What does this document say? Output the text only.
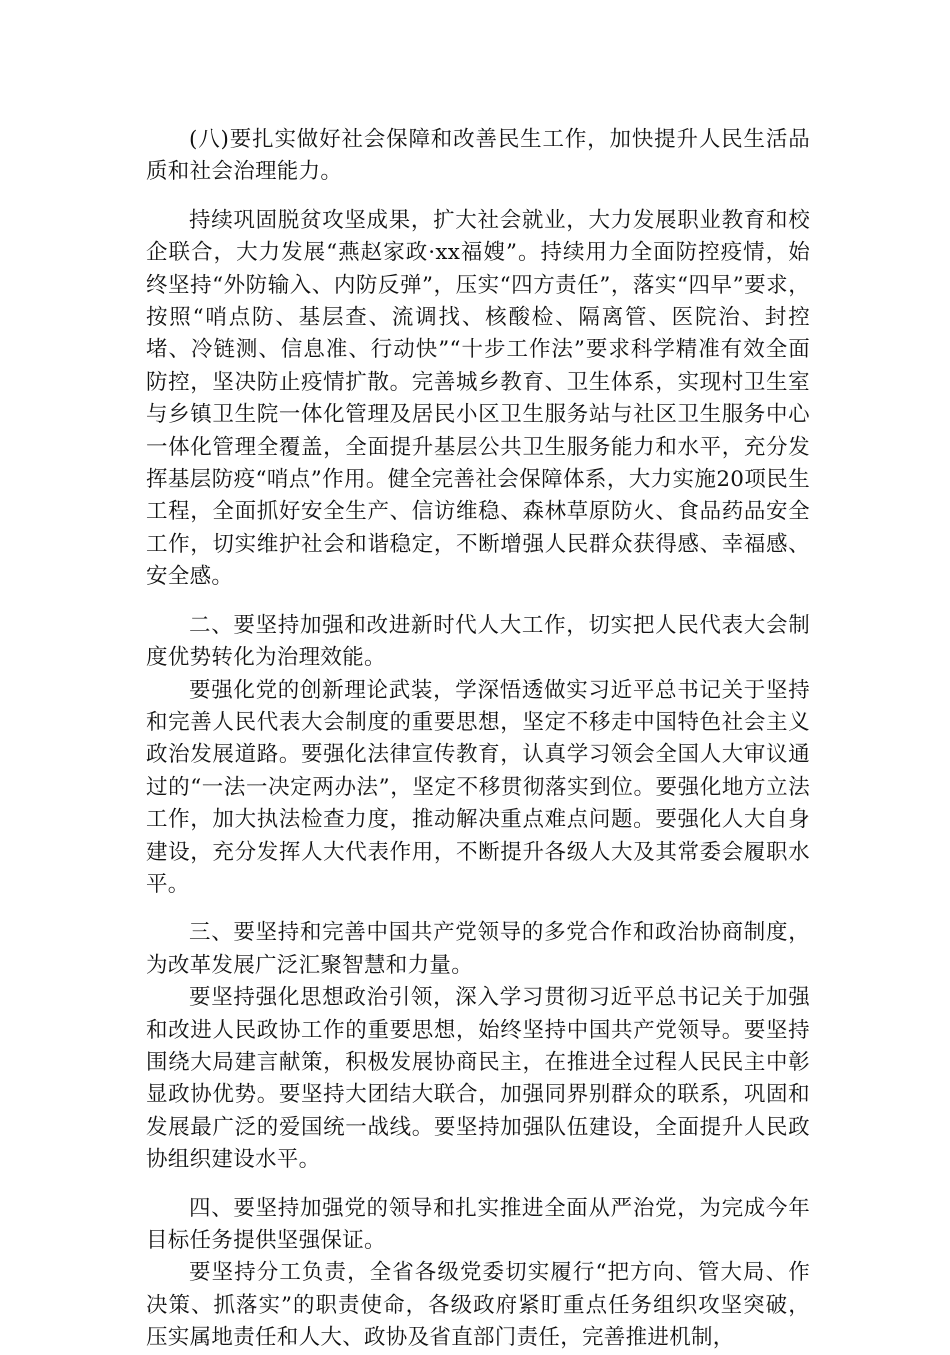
(八)要扎实做好社会保障和改善民生工作，加快提升人民生活品质和社会治理能力。

持续巩固脱贫攻坚成果，扩大社会就业，大力发展职业教育和校企联合，大力发展“燕赵家政·xx福嫂”。持续用力全面防控疫情，始终坚持“外防输入、内防反弹”，压实“四方责任”，落实“四早”要求，按照“哨点防、基层查、流调找、核酸检、隔离管、医院治、封控堵、冷链测、信息准、行动快”“十步工作法”要求科学精准有效全面防控，坚决防止疫情扩散。完善城乡教育、卫生体系，实现村卫生室与乡镇卫生院一体化管理及居民小区卫生服务站与社区卫生服务中心一体化管理全覆盖，全面提升基层公共卫生服务能力和水平，充分发挥基层防疫“哨点”作用。健全完善社会保障体系，大力实施20项民生工程，全面抓好安全生产、信访维稳、森林草原防火、食品药品安全工作，切实维护社会和谐稳定，不断增强人民群众获得感、幸福感、安全感。

二、要坚持加强和改进新时代人大工作，切实把人民代表大会制度优势转化为治理效能。

要强化党的创新理论武装，学深悟透做实习近平总书记关于坚持和完善人民代表大会制度的重要思想，坚定不移走中国特色社会主义政治发展道路。要强化法律宣传教育，认真学习领会全国人大审议通过的“一法一决定两办法”，坚定不移贯彻落实到位。要强化地方立法工作，加大执法检查力度，推动解决重点难点问题。要强化人大自身建设，充分发挥人大代表作用，不断提升各级人大及其常委会履职水平。

三、要坚持和完善中国共产党领导的多党合作和政治协商制度，为改革发展广泛汇聚智慧和力量。

要坚持强化思想政治引领，深入学习贯彻习近平总书记关于加强和改进人民政协工作的重要思想，始终坚持中国共产党领导。要坚持围绕大局建言献策，积极发展协商民主，在推进全过程人民民主中彰显政协优势。要坚持大团结大联合，加强同界别群众的联系，巩固和发展最广泛的爱国统一战线。要坚持加强队伍建设，全面提升人民政协组织建设水平。

四、要坚持加强党的领导和扎实推进全面从严治党，为完成今年目标任务提供坚强保证。

要坚持分工负责，全省各级党委切实履行“把方向、管大局、作决策、抓落实”的职责使命，各级政府紧盯重点任务组织攻坚突破，压实属地责任和人大、政协及省直部门责任，完善推进机制，
